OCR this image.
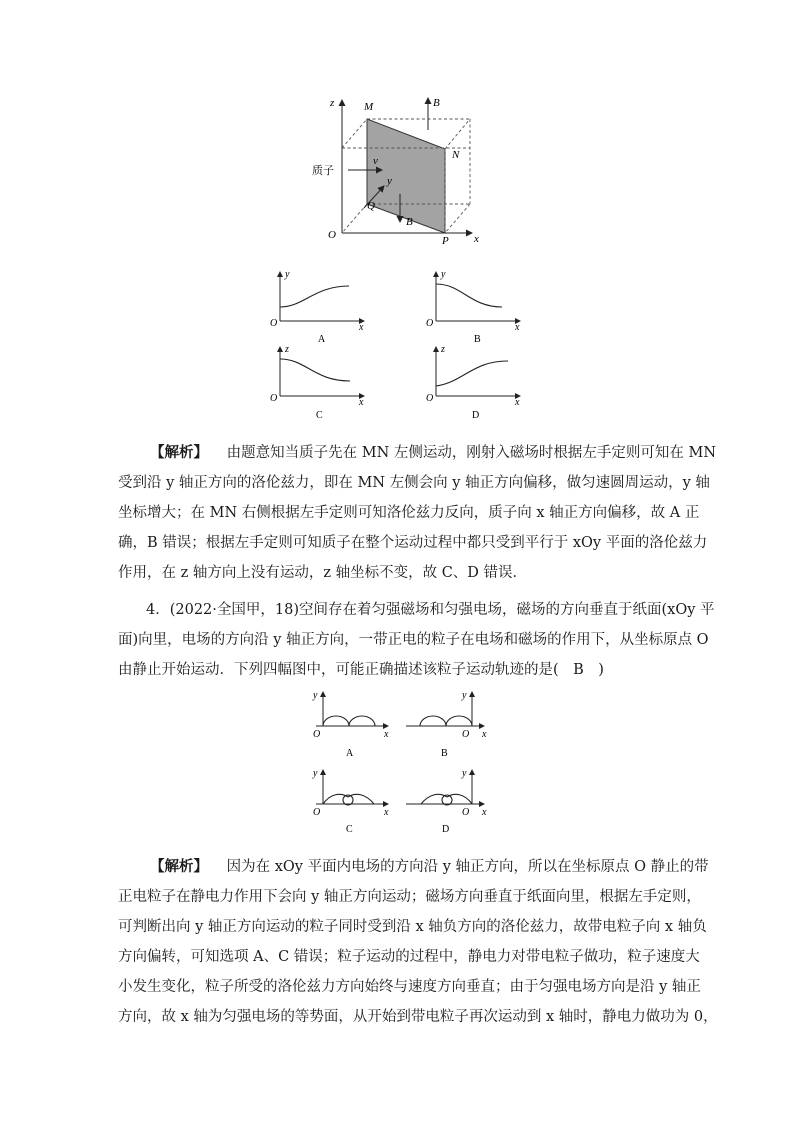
z	M	B
N
质子
v
y
Q
B
O	P x
y
O	x
A
y
O	x
B
z
O	x
C
z
O	x
D
【解析】 由题意知当质子先在 MN 左侧运动，刚射入磁场时根据左手定则可知在 MN
受到沿 y 轴正方向的洛伦兹力，即在 MN 左侧会向 y 轴正方向偏移，做匀速圆周运动，y 轴
坐标增大；在 MN 右侧根据左手定则可知洛伦兹力反向，质子向 x 轴正方向偏移，故 A 正
确，B 错误；根据左手定则可知质子在整个运动过程中都只受到平行于 xOy 平面的洛伦兹力
作用，在 z 轴方向上没有运动，z 轴坐标不变，故 C、D 错误．
4．(2022·全国甲，18)空间存在着匀强磁场和匀强电场，磁场的方向垂直于纸面(xOy 平
面)向里，电场的方向沿 y 轴正方向，一带正电的粒子在电场和磁场的作用下，从坐标原点 O
由静止开始运动．下列四幅图中，可能正确描述该粒子运动轨迹的是(　B　)
y
O	x
A
y
O x
B
y
O	x
C
y
O x
D
【解析】 因为在 xOy 平面内电场的方向沿 y 轴正方向，所以在坐标原点 O 静止的带
正电粒子在静电力作用下会向 y 轴正方向运动；磁场方向垂直于纸面向里，根据左手定则，
可判断出向 y 轴正方向运动的粒子同时受到沿 x 轴负方向的洛伦兹力，故带电粒子向 x 轴负
方向偏转，可知选项 A、C 错误；粒子运动的过程中，静电力对带电粒子做功，粒子速度大
小发生变化，粒子所受的洛伦兹力方向始终与速度方向垂直；由于匀强电场方向是沿 y 轴正
方向，故 x 轴为匀强电场的等势面，从开始到带电粒子再次运动到 x 轴时，静电力做功为 0，
